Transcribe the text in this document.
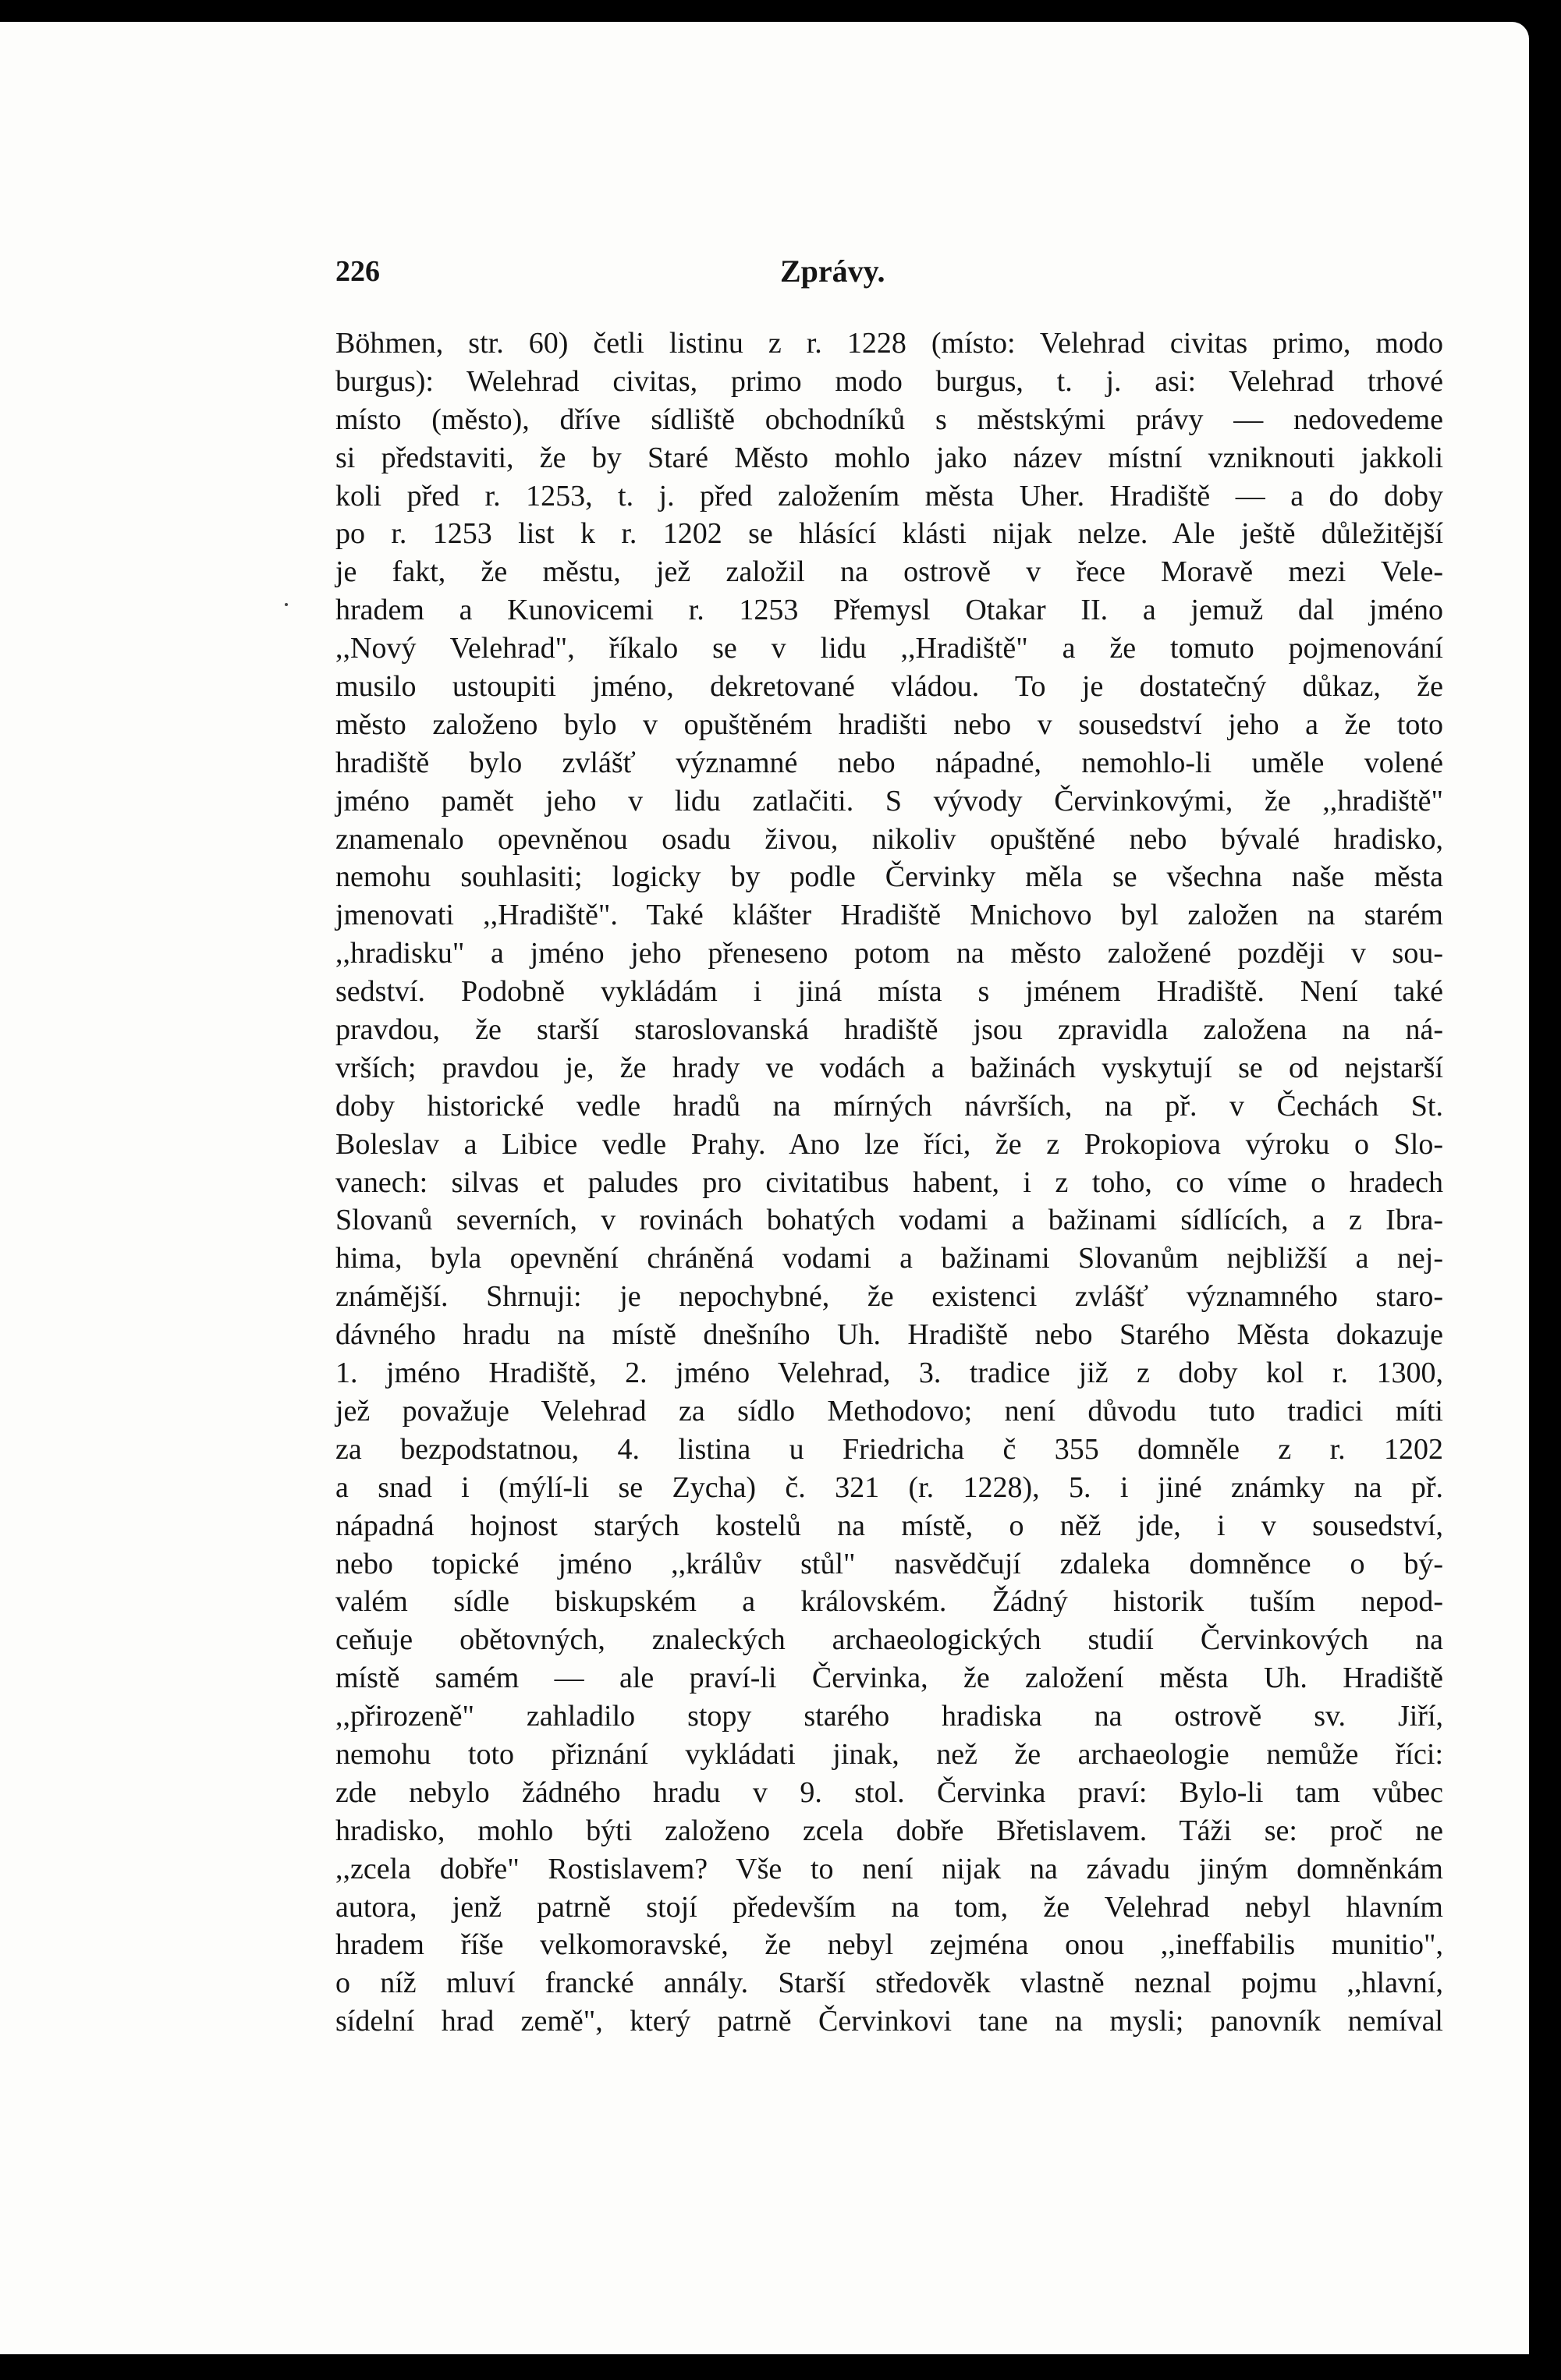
226	Zprávy.
Böhmen, str. 60) četli listinu z r. 1228 (místo: Velehrad civitas primo, modo
burgus): Welehrad civitas, primo modo burgus, t. j. asi: Velehrad trhové
místo (město), dříve sídliště obchodníků s městskými právy — nedovedeme
si představiti, že by Staré Město mohlo jako název místní vzniknouti jakkoli
koli před r. 1253, t. j. před založením města Uher. Hradiště — a do doby
po r. 1253 list k r. 1202 se hlásící klásti nijak nelze. Ale ještě důležitější
je fakt, že městu, jež založil na ostrově v řece Moravě mezi Vele-
hradem a Kunovicemi r. 1253 Přemysl Otakar II. a jemuž dal jméno
,,Nový Velehrad", říkalo se v lidu ,,Hradiště" a že tomuto pojmenování
musilo ustoupiti jméno, dekretované vládou. To je dostatečný důkaz, že
město založeno bylo v opuštěném hradišti nebo v sousedství jeho a že toto
hradiště bylo zvlášť významné nebo nápadné, nemohlo-li uměle volené
jméno pamět jeho v lidu zatlačiti. S vývody Červinkovými, že ,,hradiště"
znamenalo opevněnou osadu živou, nikoliv opuštěné nebo bývalé hradisko,
nemohu souhlasiti; logicky by podle Červinky měla se všechna naše města
jmenovati ,,Hradiště". Také klášter Hradiště Mnichovo byl založen na starém
,,hradisku" a jméno jeho přeneseno potom na město založené později v sou-
sedství. Podobně vykládám i jiná místa s jménem Hradiště. Není také
pravdou, že starší staroslovanská hradiště jsou zpravidla založena na ná-
vrších; pravdou je, že hrady ve vodách a bažinách vyskytují se od nejstarší
doby historické vedle hradů na mírných návrších, na př. v Čechách St.
Boleslav a Libice vedle Prahy. Ano lze říci, že z Prokopiova výroku o Slo-
vanech: silvas et paludes pro civitatibus habent, i z toho, co víme o hradech
Slovanů severních, v rovinách bohatých vodami a bažinami sídlících, a z Ibra-
hima, byla opevnění chráněná vodami a bažinami Slovanům nejbližší a nej-
známější. Shrnuji: je nepochybné, že existenci zvlášť významného staro-
dávného hradu na místě dnešního Uh. Hradiště nebo Starého Města dokazuje
1. jméno Hradiště, 2. jméno Velehrad, 3. tradice již z doby kol r. 1300,
jež považuje Velehrad za sídlo Methodovo; není důvodu tuto tradici míti
za bezpodstatnou, 4. listina u Friedricha č 355 domněle z r. 1202
a snad i (mýlí-li se Zycha) č. 321 (r. 1228), 5. i jiné známky na př.
nápadná hojnost starých kostelů na místě, o něž jde, i v sousedství,
nebo topické jméno ,,králův stůl" nasvědčují zdaleka domněnce o bý-
valém sídle biskupském a královském. Žádný historik tuším nepod-
ceňuje obětovných, znaleckých archaeologických studií Červinkových na
místě samém — ale praví-li Červinka, že založení města Uh. Hradiště
,,přirozeně" zahladilo stopy starého hradiska na ostrově sv. Jiří,
nemohu toto přiznání vykládati jinak, než že archaeologie nemůže říci:
zde nebylo žádného hradu v 9. stol. Červinka praví: Bylo-li tam vůbec
hradisko, mohlo býti založeno zcela dobře Břetislavem. Táži se: proč ne
,,zcela dobře" Rostislavem? Vše to není nijak na závadu jiným domněnkám
autora, jenž patrně stojí především na tom, že Velehrad nebyl hlavním
hradem říše velkomoravské, že nebyl zejména onou ,,ineffabilis munitio",
o níž mluví francké annály. Starší středověk vlastně neznal pojmu ,,hlavní,
sídelní hrad země", který patrně Červinkovi tane na mysli; panovník nemíval
